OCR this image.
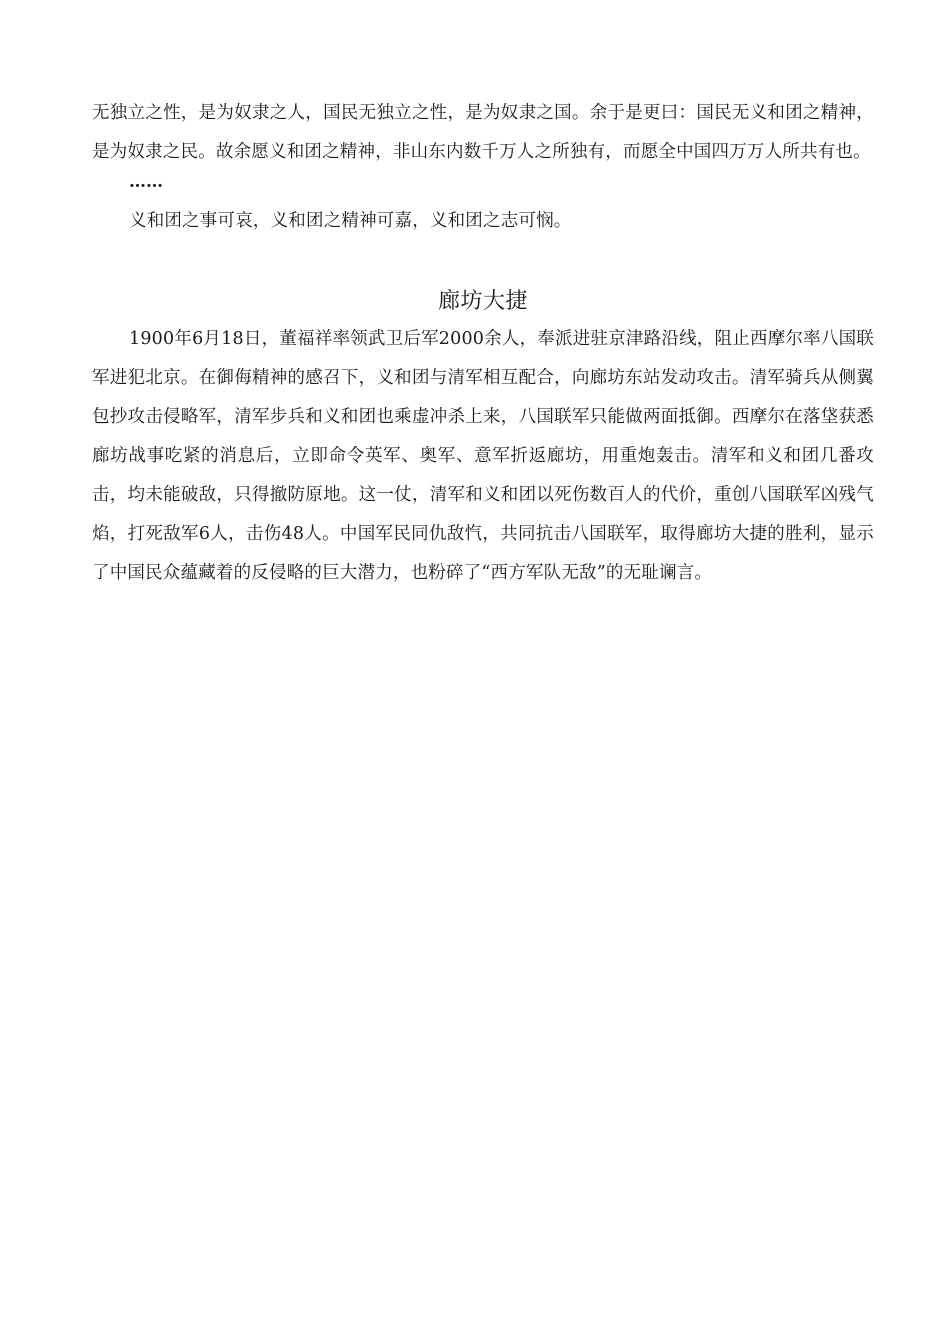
无独立之性，是为奴隶之人，国民无独立之性，是为奴隶之国。余于是更曰：国民无义和团之精神，是为奴隶之民。故余愿义和团之精神，非山东内数千万人之所独有，而愿全中国四万万人所共有也。

……

义和团之事可哀，义和团之精神可嘉，义和团之志可悯。

廊坊大捷

1900年6月18日，董福祥率领武卫后军2000余人，奉派进驻京津路沿线，阻止西摩尔率八国联军进犯北京。在御侮精神的感召下，义和团与清军相互配合，向廊坊东站发动攻击。清军骑兵从侧翼包抄攻击侵略军，清军步兵和义和团也乘虚冲杀上来，八国联军只能做两面抵御。西摩尔在落垡获悉廊坊战事吃紧的消息后，立即命令英军、奥军、意军折返廊坊，用重炮轰击。清军和义和团几番攻击，均未能破敌，只得撤防原地。这一仗，清军和义和团以死伤数百人的代价，重创八国联军凶残气焰，打死敌军6人，击伤48人。中国军民同仇敌忾，共同抗击八国联军，取得廊坊大捷的胜利，显示了中国民众蕴藏着的反侵略的巨大潜力，也粉碎了“西方军队无敌”的无耻谰言。
